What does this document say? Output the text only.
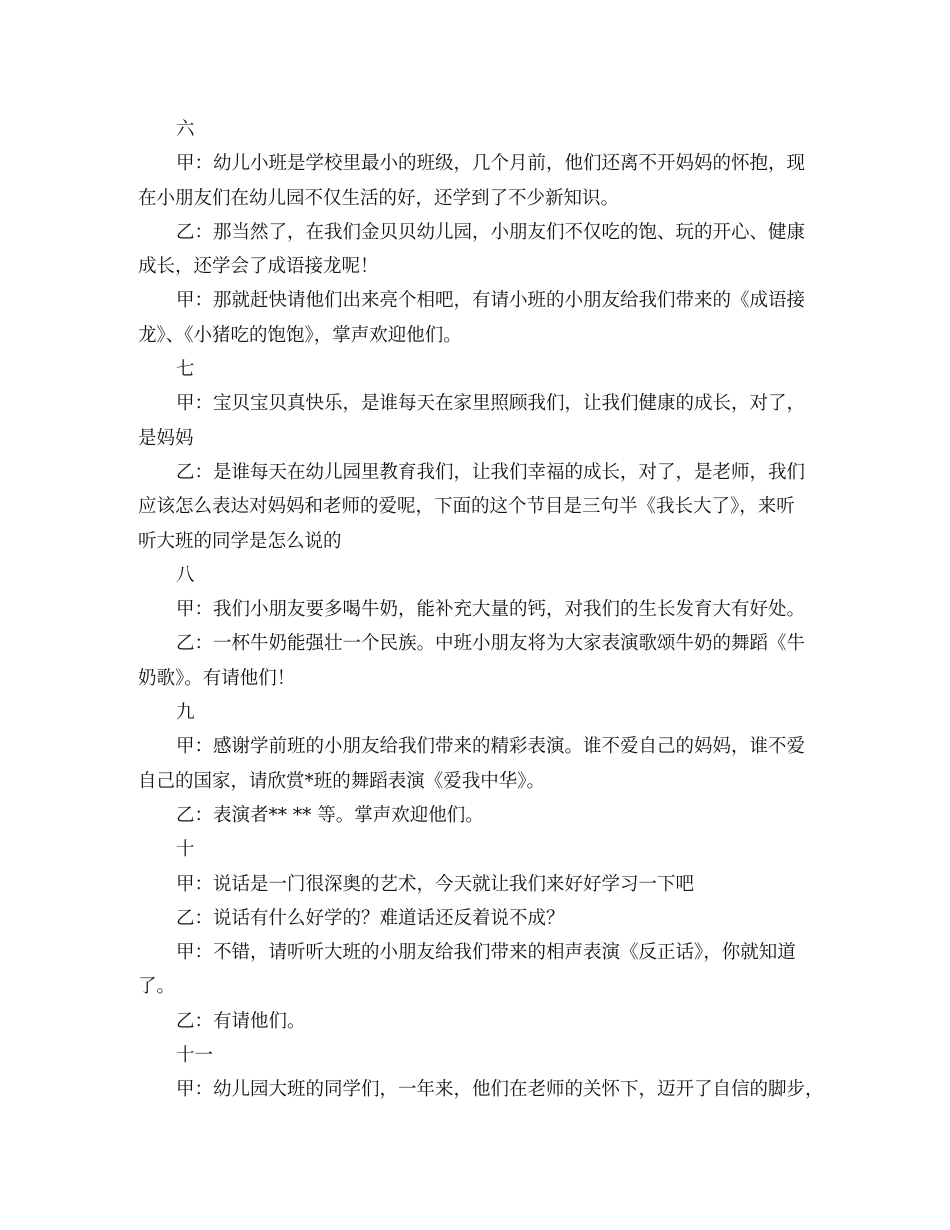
六
甲：幼儿小班是学校里最小的班级，几个月前，他们还离不开妈妈的怀抱，现
在小朋友们在幼儿园不仅生活的好，还学到了不少新知识。
乙：那当然了，在我们金贝贝幼儿园，小朋友们不仅吃的饱、玩的开心、健康
成长，还学会了成语接龙呢！
甲：那就赶快请他们出来亮个相吧，有请小班的小朋友给我们带来的《成语接
龙》、《小猪吃的饱饱》，掌声欢迎他们。
七
甲：宝贝宝贝真快乐，是谁每天在家里照顾我们，让我们健康的成长，对了，
是妈妈
乙：是谁每天在幼儿园里教育我们，让我们幸福的成长，对了，是老师，我们
应该怎么表达对妈妈和老师的爱呢，下面的这个节目是三句半《我长大了》，来听
听大班的同学是怎么说的
八
甲：我们小朋友要多喝牛奶，能补充大量的钙，对我们的生长发育大有好处。
乙：一杯牛奶能强壮一个民族。中班小朋友将为大家表演歌颂牛奶的舞蹈《牛
奶歌》。有请他们！
九
甲：感谢学前班的小朋友给我们带来的精彩表演。谁不爱自己的妈妈，谁不爱
自己的国家，请欣赏*班的舞蹈表演《爱我中华》。
乙：表演者** ** 等。掌声欢迎他们。
十
甲：说话是一门很深奥的艺术，今天就让我们来好好学习一下吧
乙：说话有什么好学的？难道话还反着说不成？
甲：不错，请听听大班的小朋友给我们带来的相声表演《反正话》，你就知道
了。
乙：有请他们。
十一
甲：幼儿园大班的同学们，一年来，他们在老师的关怀下，迈开了自信的脚步，
